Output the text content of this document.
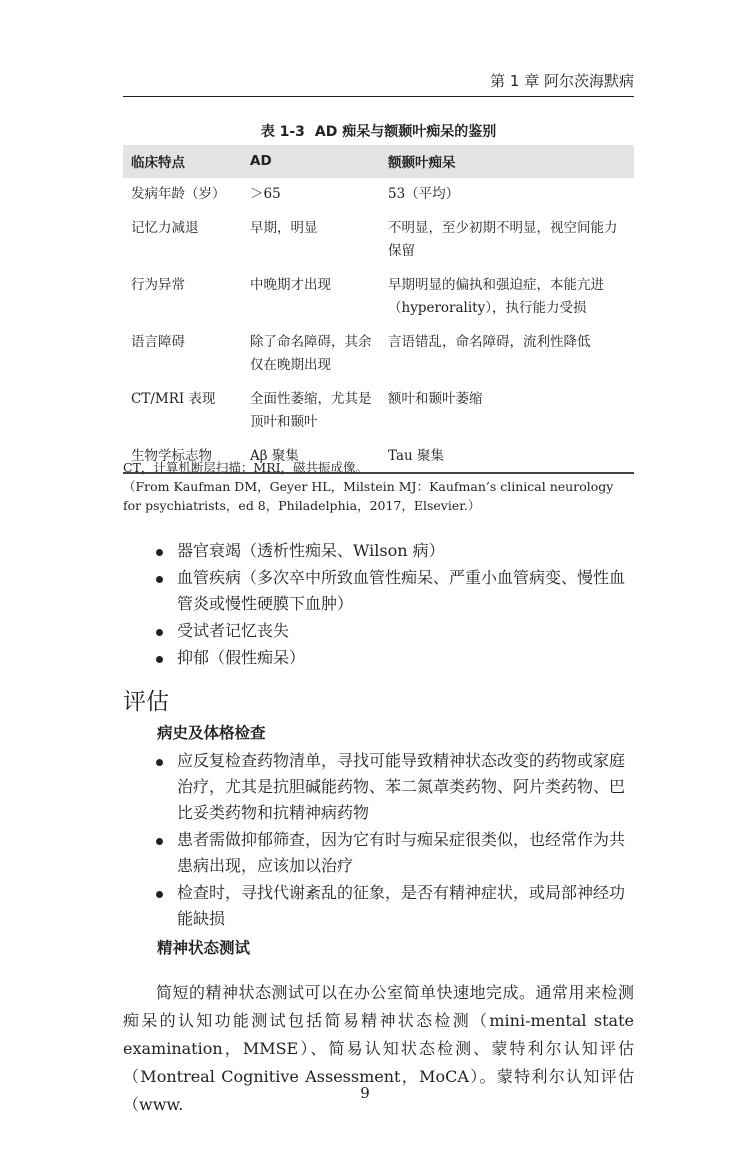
第 1 章 阿尔茨海默病
表 1-3 AD 痴呆与额颞叶痴呆的鉴别
临床特点	AD	额颞叶痴呆
发病年龄（岁）	＞65	53（平均）
记忆力减退	早期，明显	不明显，至少初期不明显，视空间能力保留
行为异常	中晚期才出现	早期明显的偏执和强迫症，本能亢进（hyperorality），执行能力受损
语言障碍	除了命名障碍，其余仅在晚期出现	言语错乱，命名障碍，流利性降低
CT/MRI 表现	全面性萎缩，尤其是顶叶和颞叶	额叶和颞叶萎缩
生物学标志物	Aβ 聚集	Tau 聚集

CT，计算机断层扫描；MRI，磁共振成像。

（From Kaufman DM，Geyer HL，Milstein MJ：Kaufman’s clinical neurology for psychiatrists，ed 8，Philadelphia，2017，Elsevier.）

器官衰竭（透析性痴呆、Wilson 病）
血管疾病（多次卒中所致血管性痴呆、严重小血管病变、慢性血管炎或慢性硬膜下血肿）
受试者记忆丧失
抑郁（假性痴呆）
评估
病史及体格检查
应反复检查药物清单，寻找可能导致精神状态改变的药物或家庭治疗，尤其是抗胆碱能药物、苯二氮䓬类药物、阿片类药物、巴比妥类药物和抗精神病药物
患者需做抑郁筛查，因为它有时与痴呆症很类似，也经常作为共患病出现，应该加以治疗
检查时，寻找代谢紊乱的征象，是否有精神症状，或局部神经功能缺损
精神状态测试

简短的精神状态测试可以在办公室简单快速地完成。通常用来检测痴呆的认知功能测试包括简易精神状态检测（mini-mental state examination，MMSE）、简易认知状态检测、蒙特利尔认知评估（Montreal Cognitive Assessment，MoCA）。蒙特利尔认知评估（www.

9
